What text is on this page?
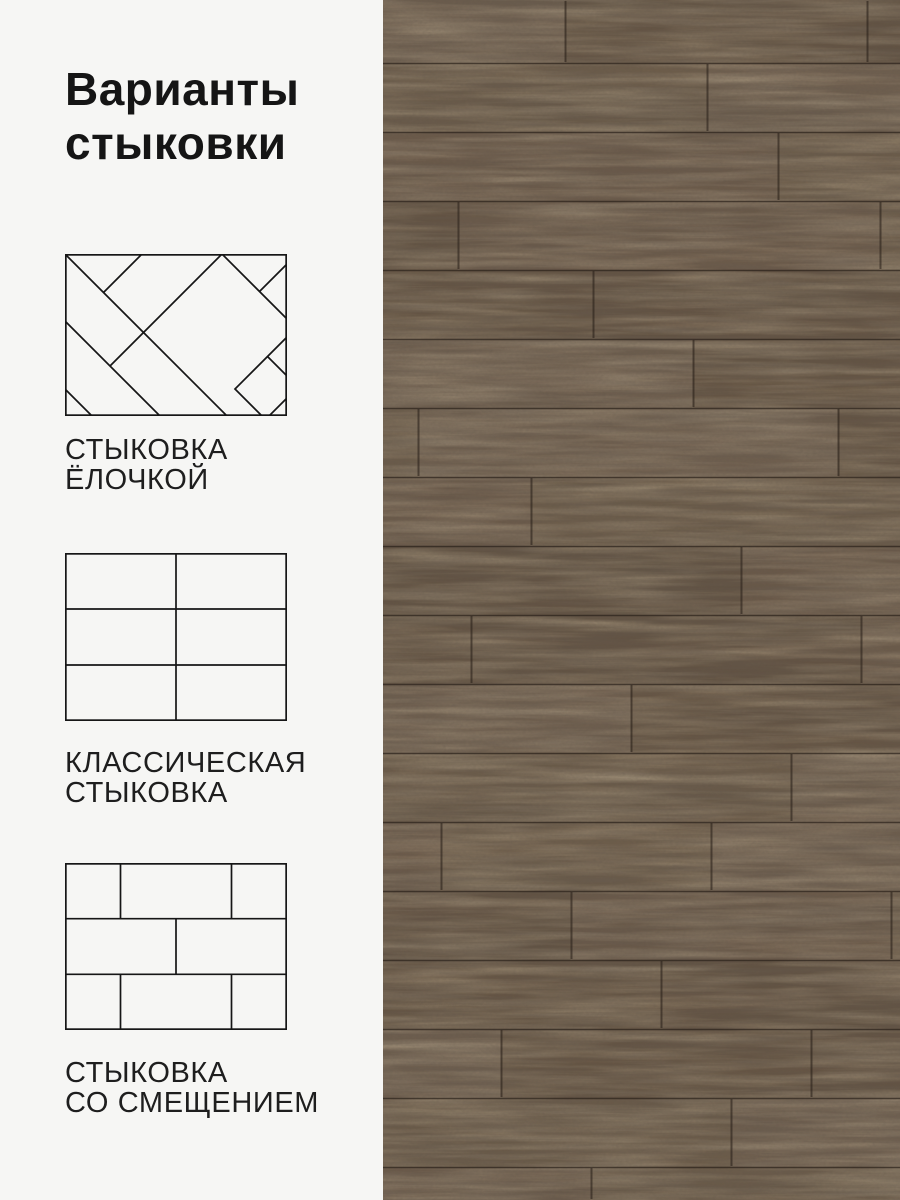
Варианты
стыковки
СТЫКОВКА
ЁЛОЧКОЙ
КЛАССИЧЕСКАЯ
СТЫКОВКА
СТЫКОВКА
СО СМЕЩЕНИЕМ
